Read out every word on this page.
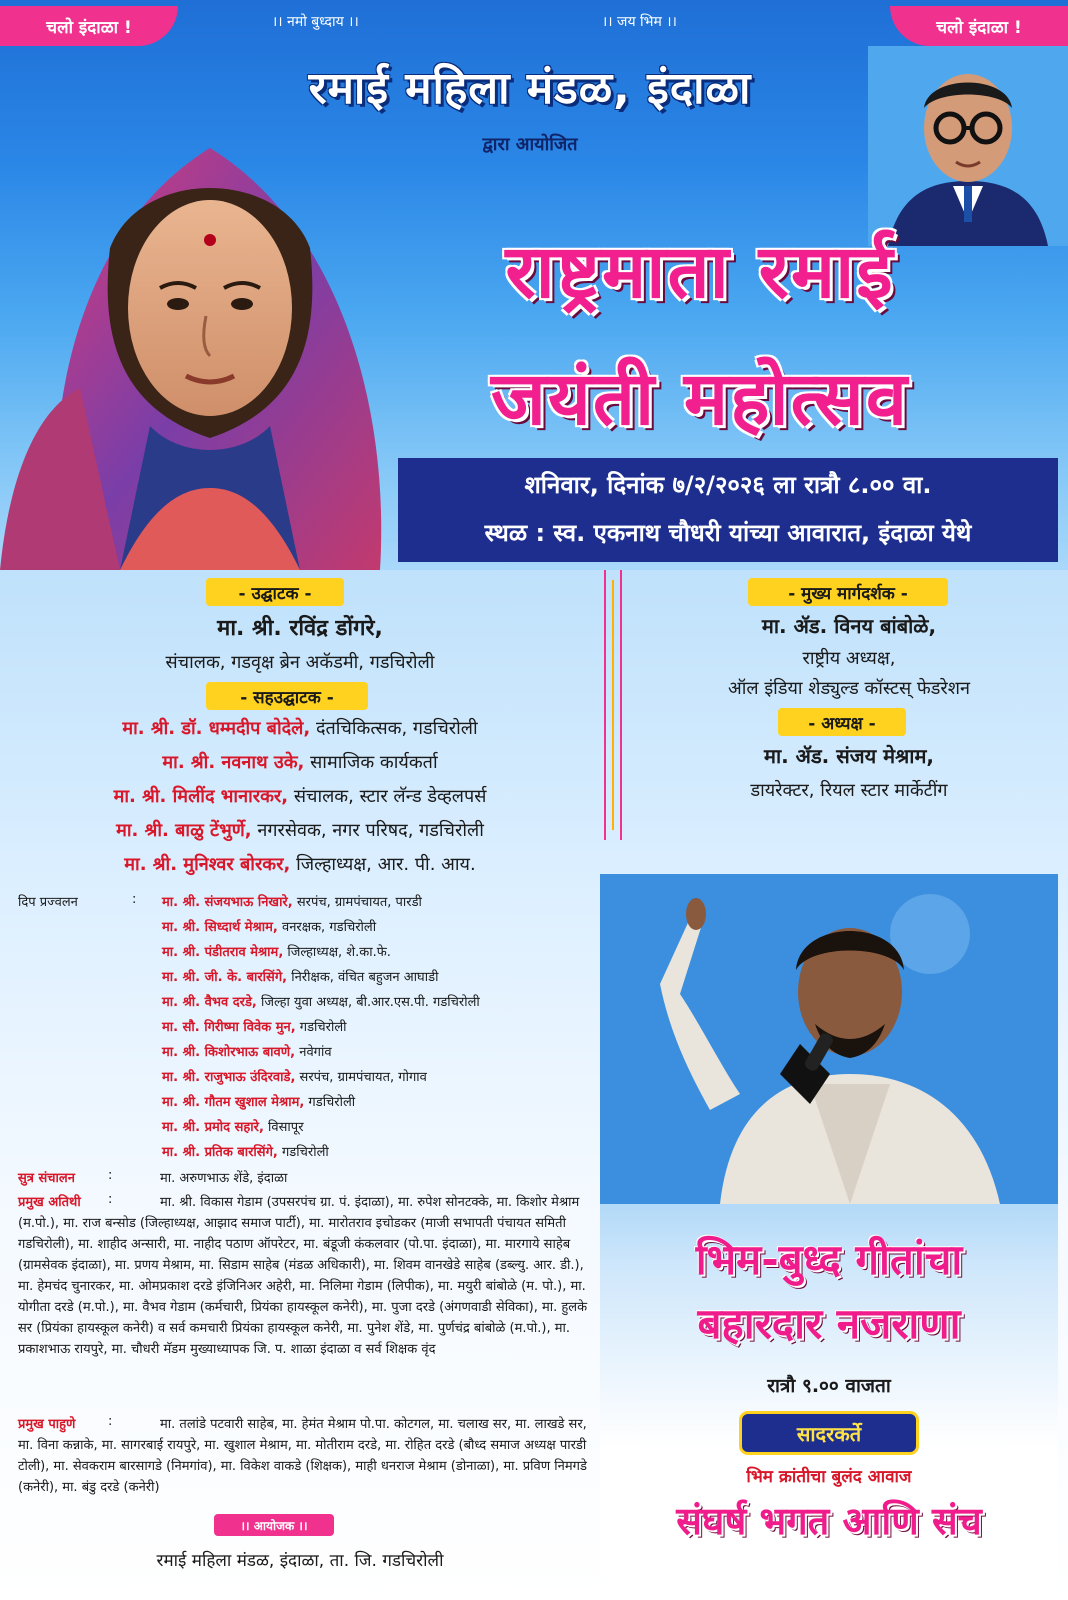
चलो इंदाळा !	चलो इंदाळा !
।। नमो बुध्दाय ।।	।। जय भिम ।।
रमाई महिला मंडळ, इंदाळा
द्वारा आयोजित
राष्ट्रमाता रमाई
जयंती महोत्सव
शनिवार, दिनांक ७/२/२०२६ ला रात्रौ ८.०० वा.
स्थळ : स्व. एकनाथ चौधरी यांच्या आवारात, इंदाळा येथे
- उद्घाटक -
मा. श्री. रविंद्र डोंगरे,
संचालक, गडवृक्ष ब्रेन अकॅडमी, गडचिरोली
- सहउद्घाटक -
मा. श्री. डॉ. धम्मदीप बोदेले, दंतचिकित्सक, गडचिरोली
मा. श्री. नवनाथ उके, सामाजिक कार्यकर्ता
मा. श्री. मिलींद भानारकर, संचालक, स्टार लॅन्ड डेव्हलपर्स
मा. श्री. बाळु टेंभुर्णे, नगरसेवक, नगर परिषद, गडचिरोली
मा. श्री. मुनिश्वर बोरकर, जिल्हाध्यक्ष, आर. पी. आय.
- मुख्य मार्गदर्शक -
मा. ॲड. विनय बांबोळे,
राष्ट्रीय अध्यक्ष,
ऑल इंडिया शेड्युल्ड कॉस्टस् फेडरेशन
- अध्यक्ष -
मा. ॲड. संजय मेश्राम,
डायरेक्टर, रियल स्टार मार्केटींग
दिप प्रज्वलन	: मा. श्री. संजयभाऊ निखारे, सरपंच, ग्रामपंचायत, पारडी
मा. श्री. सिध्दार्थ मेश्राम, वनरक्षक, गडचिरोली
मा. श्री. पंडीतराव मेश्राम, जिल्हाध्यक्ष, शे.का.फे.
मा. श्री. जी. के. बारसिंगे, निरीक्षक, वंचित बहुजन आघाडी
मा. श्री. वैभव दरडे, जिल्हा युवा अध्यक्ष, बी.आर.एस.पी. गडचिरोली
मा. सौ. गिरीष्मा विवेक मुन, गडचिरोली
मा. श्री. किशोरभाऊ बावणे, नवेगांव
मा. श्री. राजुभाऊ उंदिरवाडे, सरपंच, ग्रामपंचायत, गोगाव
मा. श्री. गौतम खुशाल मेश्राम, गडचिरोली
मा. श्री. प्रमोद सहारे, विसापूर
मा. श्री. प्रतिक बारसिंगे, गडचिरोली
सुत्र संचालन	:	मा. अरुणभाऊ शेंडे, इंदाळा
प्रमुख अतिथी :	मा. श्री. विकास गेडाम (उपसरपंच ग्रा. पं. इंदाळा), मा. रुपेश सोनटक्के, मा. किशोर मेश्राम (म.पो.), मा. राज बन्सोड (जिल्हाध्यक्ष, आझाद समाज पार्टी), मा. मारोतराव इचोडकर (माजी सभापती पंचायत समिती गडचिरोली), मा. शाहीद अन्सारी, मा. नाहीद पठाण ऑपरेटर, मा. बंडूजी कंकलवार (पो.पा. इंदाळा), मा. मारगाये साहेब (ग्रामसेवक इंदाळा), मा. प्रणय मेश्राम, मा. सिडाम साहेब (मंडळ अधिकारी), मा. शिवम वानखेडे साहेब (डब्ल्यु. आर. डी.), मा. हेमचंद चुनारकर, मा. ओमप्रकाश दरडे इंजिनिअर अहेरी, मा. निलिमा गेडाम (लिपीक), मा. मयुरी बांबोळे (म. पो.), मा. योगीता दरडे (म.पो.), मा. वैभव गेडाम (कर्मचारी, प्रियंका हायस्कूल कनेरी), मा. पुजा दरडे (अंगणवाडी सेविका), मा. हुलके सर (प्रियंका हायस्कूल कनेरी) व सर्व कमचारी प्रियंका हायस्कूल कनेरी, मा. पुनेश शेंडे, मा. पुर्णचंद्र बांबोळे (म.पो.), मा. प्रकाशभाऊ रायपुरे, मा. चौधरी मॅडम मुख्याध्यापक जि. प. शाळा इंदाळा व सर्व शिक्षक वृंद
प्रमुख पाहुणे	:	मा. तलांडे पटवारी साहेब, मा. हेमंत मेश्राम पो.पा. कोटगल, मा. चलाख सर, मा. लाखडे सर, मा. विना कन्नाके, मा. सागरबाई रायपुरे, मा. खुशाल मेश्राम, मा. मोतीराम दरडे, मा. रोहित दरडे (बौध्द समाज अध्यक्ष पारडी टोली), मा. सेवकराम बारसागडे (निमगांव), मा. विकेश वाकडे (शिक्षक), माही धनराज मेश्राम (डोनाळा), मा. प्रविण निमगडे (कनेरी), मा. बंडु दरडे (कनेरी)
।। आयोजक ।।
रमाई महिला मंडळ, इंदाळा, ता. जि. गडचिरोली
भिम-बुध्द गीतांचा
बहारदार नजराणा
रात्रौ ९.०० वाजता
सादरकर्ते
भिम क्रांतीचा बुलंद आवाज
संघर्ष भगत आणि संच
